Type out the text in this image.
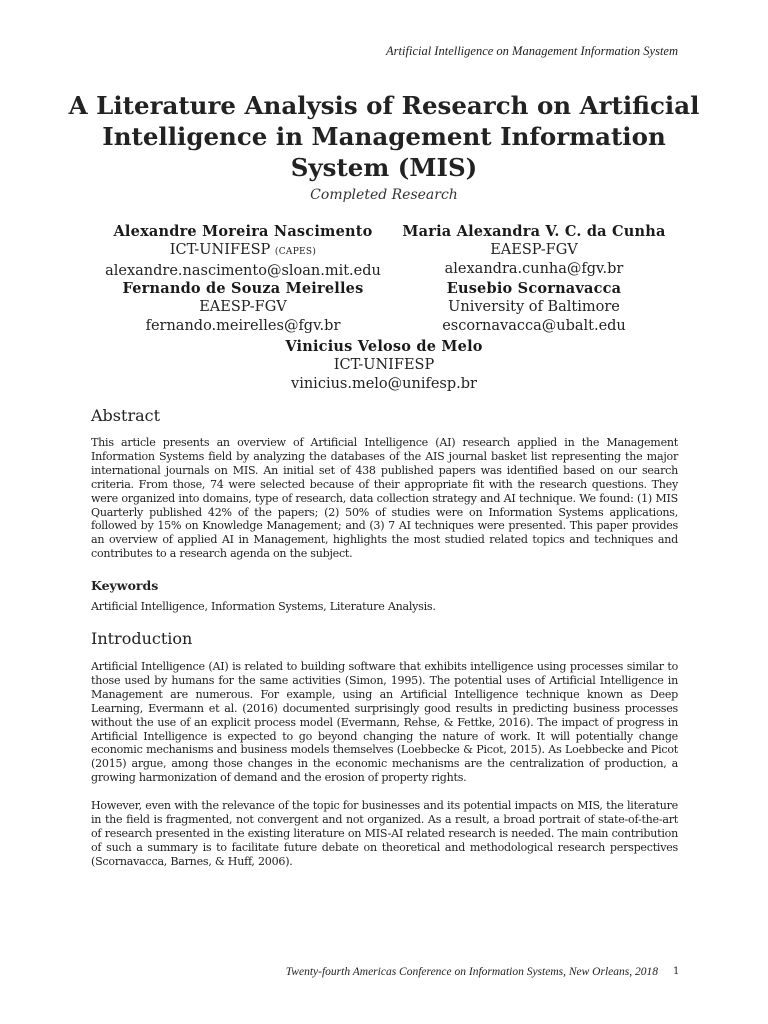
Artificial Intelligence on Management Information System
A Literature Analysis of Research on Artificial Intelligence in Management Information System (MIS)
Completed Research
Alexandre Moreira Nascimento
ICT-UNIFESP (CAPES)
alexandre.nascimento@sloan.mit.edu
Maria Alexandra V. C. da Cunha
EAESP-FGV
alexandra.cunha@fgv.br
Fernando de Souza Meirelles
EAESP-FGV
fernando.meirelles@fgv.br
Eusebio Scornavacca
University of Baltimore
escornavacca@ubalt.edu
Vinicius Veloso de Melo
ICT-UNIFESP
vinicius.melo@unifesp.br
Abstract
This article presents an overview of Artificial Intelligence (AI) research applied in the Management Information Systems field by analyzing the databases of the AIS journal basket list representing the major international journals on MIS. An initial set of 438 published papers was identified based on our search criteria. From those, 74 were selected because of their appropriate fit with the research questions. They were organized into domains, type of research, data collection strategy and AI technique. We found: (1) MIS Quarterly published 42% of the papers; (2) 50% of studies were on Information Systems applications, followed by 15% on Knowledge Management; and (3) 7 AI techniques were presented. This paper provides an overview of applied AI in Management, highlights the most studied related topics and techniques and contributes to a research agenda on the subject.
Keywords
Artificial Intelligence, Information Systems, Literature Analysis.
Introduction
Artificial Intelligence (AI) is related to building software that exhibits intelligence using processes similar to those used by humans for the same activities (Simon, 1995). The potential uses of Artificial Intelligence in Management are numerous. For example, using an Artificial Intelligence technique known as Deep Learning, Evermann et al. (2016) documented surprisingly good results in predicting business processes without the use of an explicit process model (Evermann, Rehse, & Fettke, 2016). The impact of progress in Artificial Intelligence is expected to go beyond changing the nature of work. It will potentially change economic mechanisms and business models themselves (Loebbecke & Picot, 2015). As Loebbecke and Picot (2015) argue, among those changes in the economic mechanisms are the centralization of production, a growing harmonization of demand and the erosion of property rights.
However, even with the relevance of the topic for businesses and its potential impacts on MIS, the literature in the field is fragmented, not convergent and not organized. As a result, a broad portrait of state-of-the-art of research presented in the existing literature on MIS-AI related research is needed. The main contribution of such a summary is to facilitate future debate on theoretical and methodological research perspectives (Scornavacca, Barnes, & Huff, 2006).
Twenty-fourth Americas Conference on Information Systems, New Orleans, 2018 1
